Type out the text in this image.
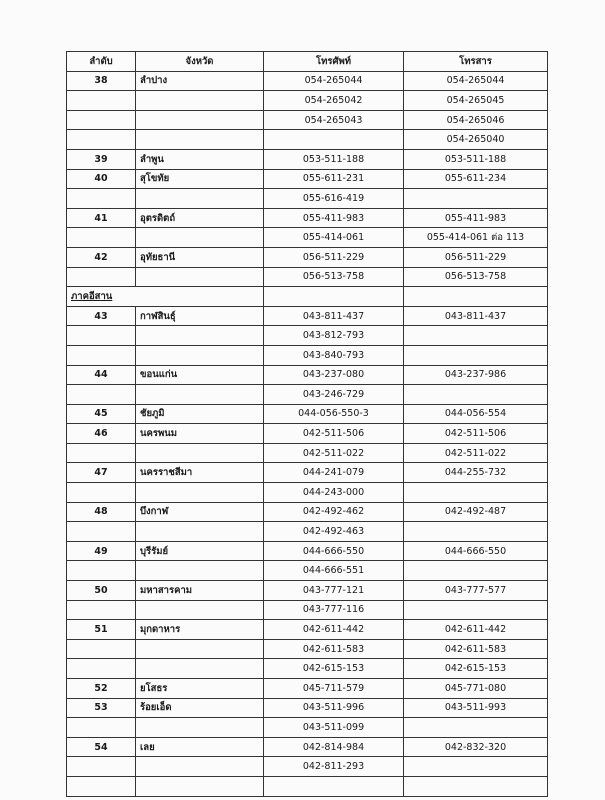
ลำดับ	จังหวัด	โทรศัพท์	โทรสาร
38	ลำปาง	054-265044	054-265044
		054-265042	054-265045
		054-265043	054-265046
			054-265040
39	ลำพูน	053-511-188	053-511-188
40	สุโขทัย	055-611-231	055-611-234
		055-616-419	
41	อุตรดิตถ์	055-411-983	055-411-983
		055-414-061	055-414-061 ต่อ 113
42	อุทัยธานี	056-511-229	056-511-229
		056-513-758	056-513-758
ภาคอีสาน			
43	กาฬสินธุ์	043-811-437	043-811-437
		043-812-793	
		043-840-793	
44	ขอนแก่น	043-237-080	043-237-986
		043-246-729	
45	ชัยภูมิ	044-056-550-3	044-056-554
46	นครพนม	042-511-506	042-511-506
		042-511-022	042-511-022
47	นครราชสีมา	044-241-079	044-255-732
		044-243-000	
48	บึงกาฬ	042-492-462	042-492-487
		042-492-463	
49	บุรีรัมย์	044-666-550	044-666-550
		044-666-551	
50	มหาสารคาม	043-777-121	043-777-577
		043-777-116	
51	มุกดาหาร	042-611-442	042-611-442
		042-611-583	042-611-583
		042-615-153	042-615-153
52	ยโสธร	045-711-579	045-771-080
53	ร้อยเอ็ด	043-511-996	043-511-993
		043-511-099	
54	เลย	042-814-984	042-832-320
		042-811-293	
